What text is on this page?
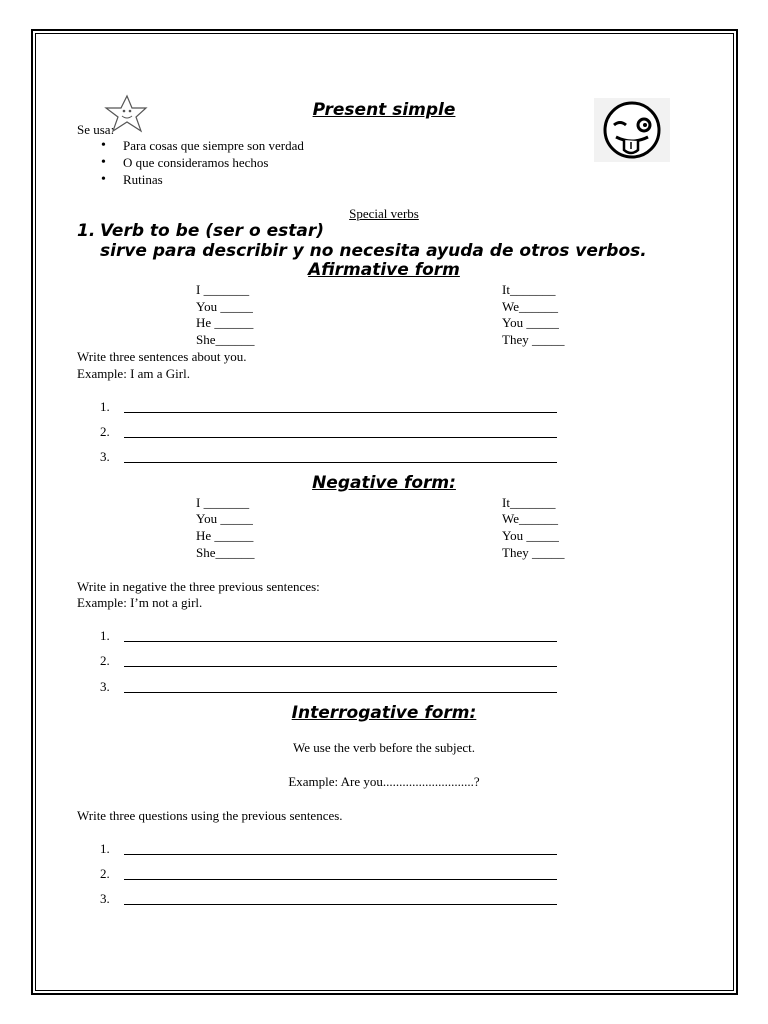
Present simple
Se usa:
• Para cosas que siempre son verdad
• O que consideramos hechos
• Rutinas
Special verbs
1. Verb to be (ser o estar)
sirve para describir y no necesita ayuda de otros verbos.
Afirmative form
I _______
You _____
He ______
She______
It_______
We______
You _____
They _____
Write three sentences about you.
Example: I am a Girl.
1.
2.
3.
Negative form:
I _______
You _____
He ______
She______
It_______
We______
You _____
They _____
Write in negative the three previous sentences:
Example: I’m not a girl.
1.
2.
3.
Interrogative form:
We use the verb before the subject.
Example: Are you............................?
Write three questions using the previous sentences.
1.
2.
3.
